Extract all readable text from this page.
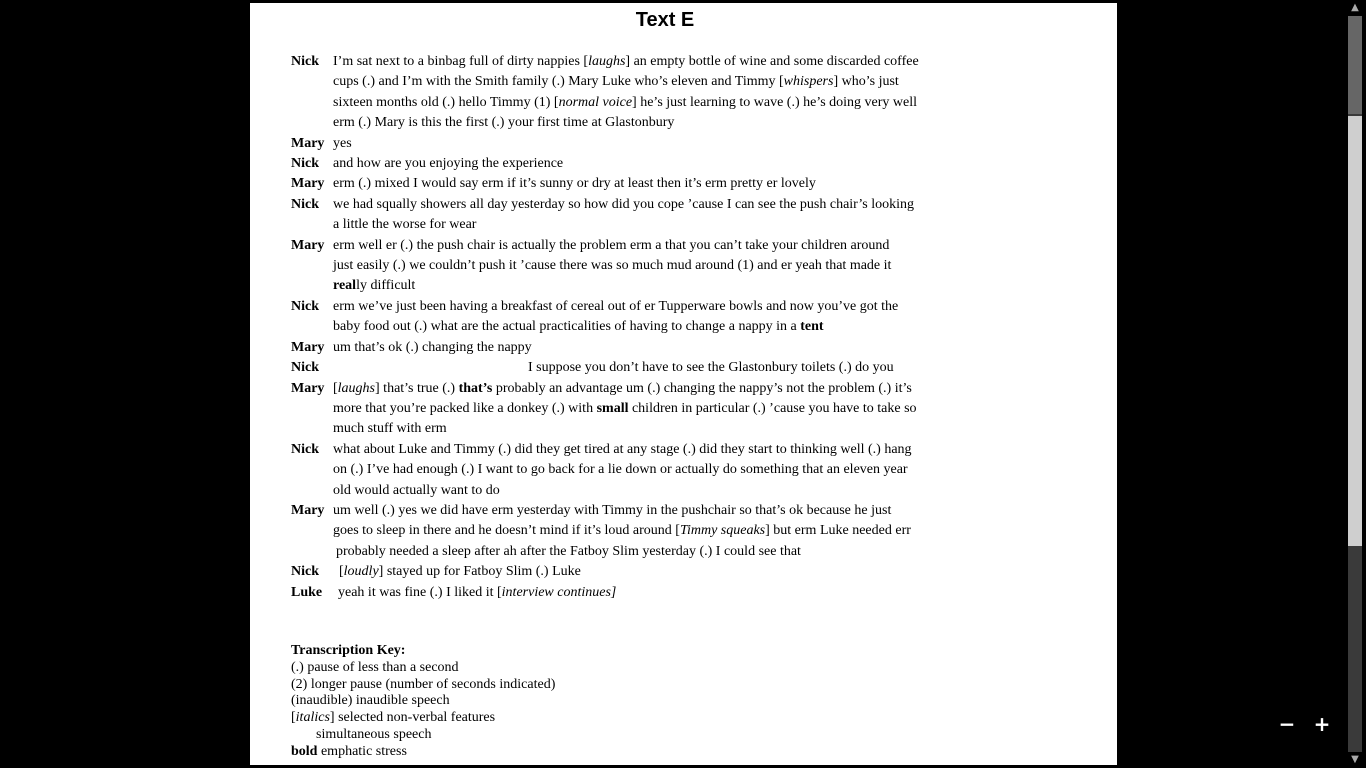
Text E
Nick	I’m sat next to a binbag full of dirty nappies [laughs] an empty bottle of wine and some discarded coffee
cups (.) and I’m with the Smith family (.) Mary Luke who’s eleven and Timmy [whispers] who’s just
sixteen months old (.) hello Timmy (1) [normal voice] he’s just learning to wave (.) he’s doing very well
erm (.) Mary is this the first (.) your first time at Glastonbury
Mary yes
Nick	and how are you enjoying the experience
Mary erm (.) mixed I would say erm if it’s sunny or dry at least then it’s erm pretty er lovely
Nick	we had squally showers all day yesterday so how did you cope ’cause I can see the push chair’s looking
a little the worse for wear
Mary erm well er (.) the push chair is actually the problem erm a that you can’t take your children around
just easily (.) we couldn’t push it ’cause there was so much mud around (1) and er yeah that made it
really difficult
Nick	erm we’ve just been having a breakfast of cereal out of er Tupperware bowls and now you’ve got the
baby food out (.) what are the actual practicalities of having to change a nappy in a tent
Mary um that’s ok (.) changing the nappy
Nick	I suppose you don’t have to see the Glastonbury toilets (.) do you
Mary [laughs] that’s true (.) that’s probably an advantage um (.) changing the nappy’s not the problem (.) it’s
more that you’re packed like a donkey (.) with small children in particular (.) ’cause you have to take so
much stuff with erm
Nick	what about Luke and Timmy (.) did they get tired at any stage (.) did they start to thinking well (.) hang
on (.) I’ve had enough (.) I want to go back for a lie down or actually do something that an eleven year
old would actually want to do
Mary um well (.) yes we did have erm yesterday with Timmy in the pushchair so that’s ok because he just
goes to sleep in there and he doesn’t mind if it’s loud around [Timmy squeaks] but erm Luke needed err
probably needed a sleep after ah after the Fatboy Slim yesterday (.) I could see that
Nick	[loudly] stayed up for Fatboy Slim (.) Luke
Luke	yeah it was fine (.) I liked it [interview continues]
Transcription Key:
(.) pause of less than a second
(2) longer pause (number of seconds indicated)
(inaudible) inaudible speech
[italics] selected non-verbal features
simultaneous speech
bold emphatic stress
▲
▼
− +
